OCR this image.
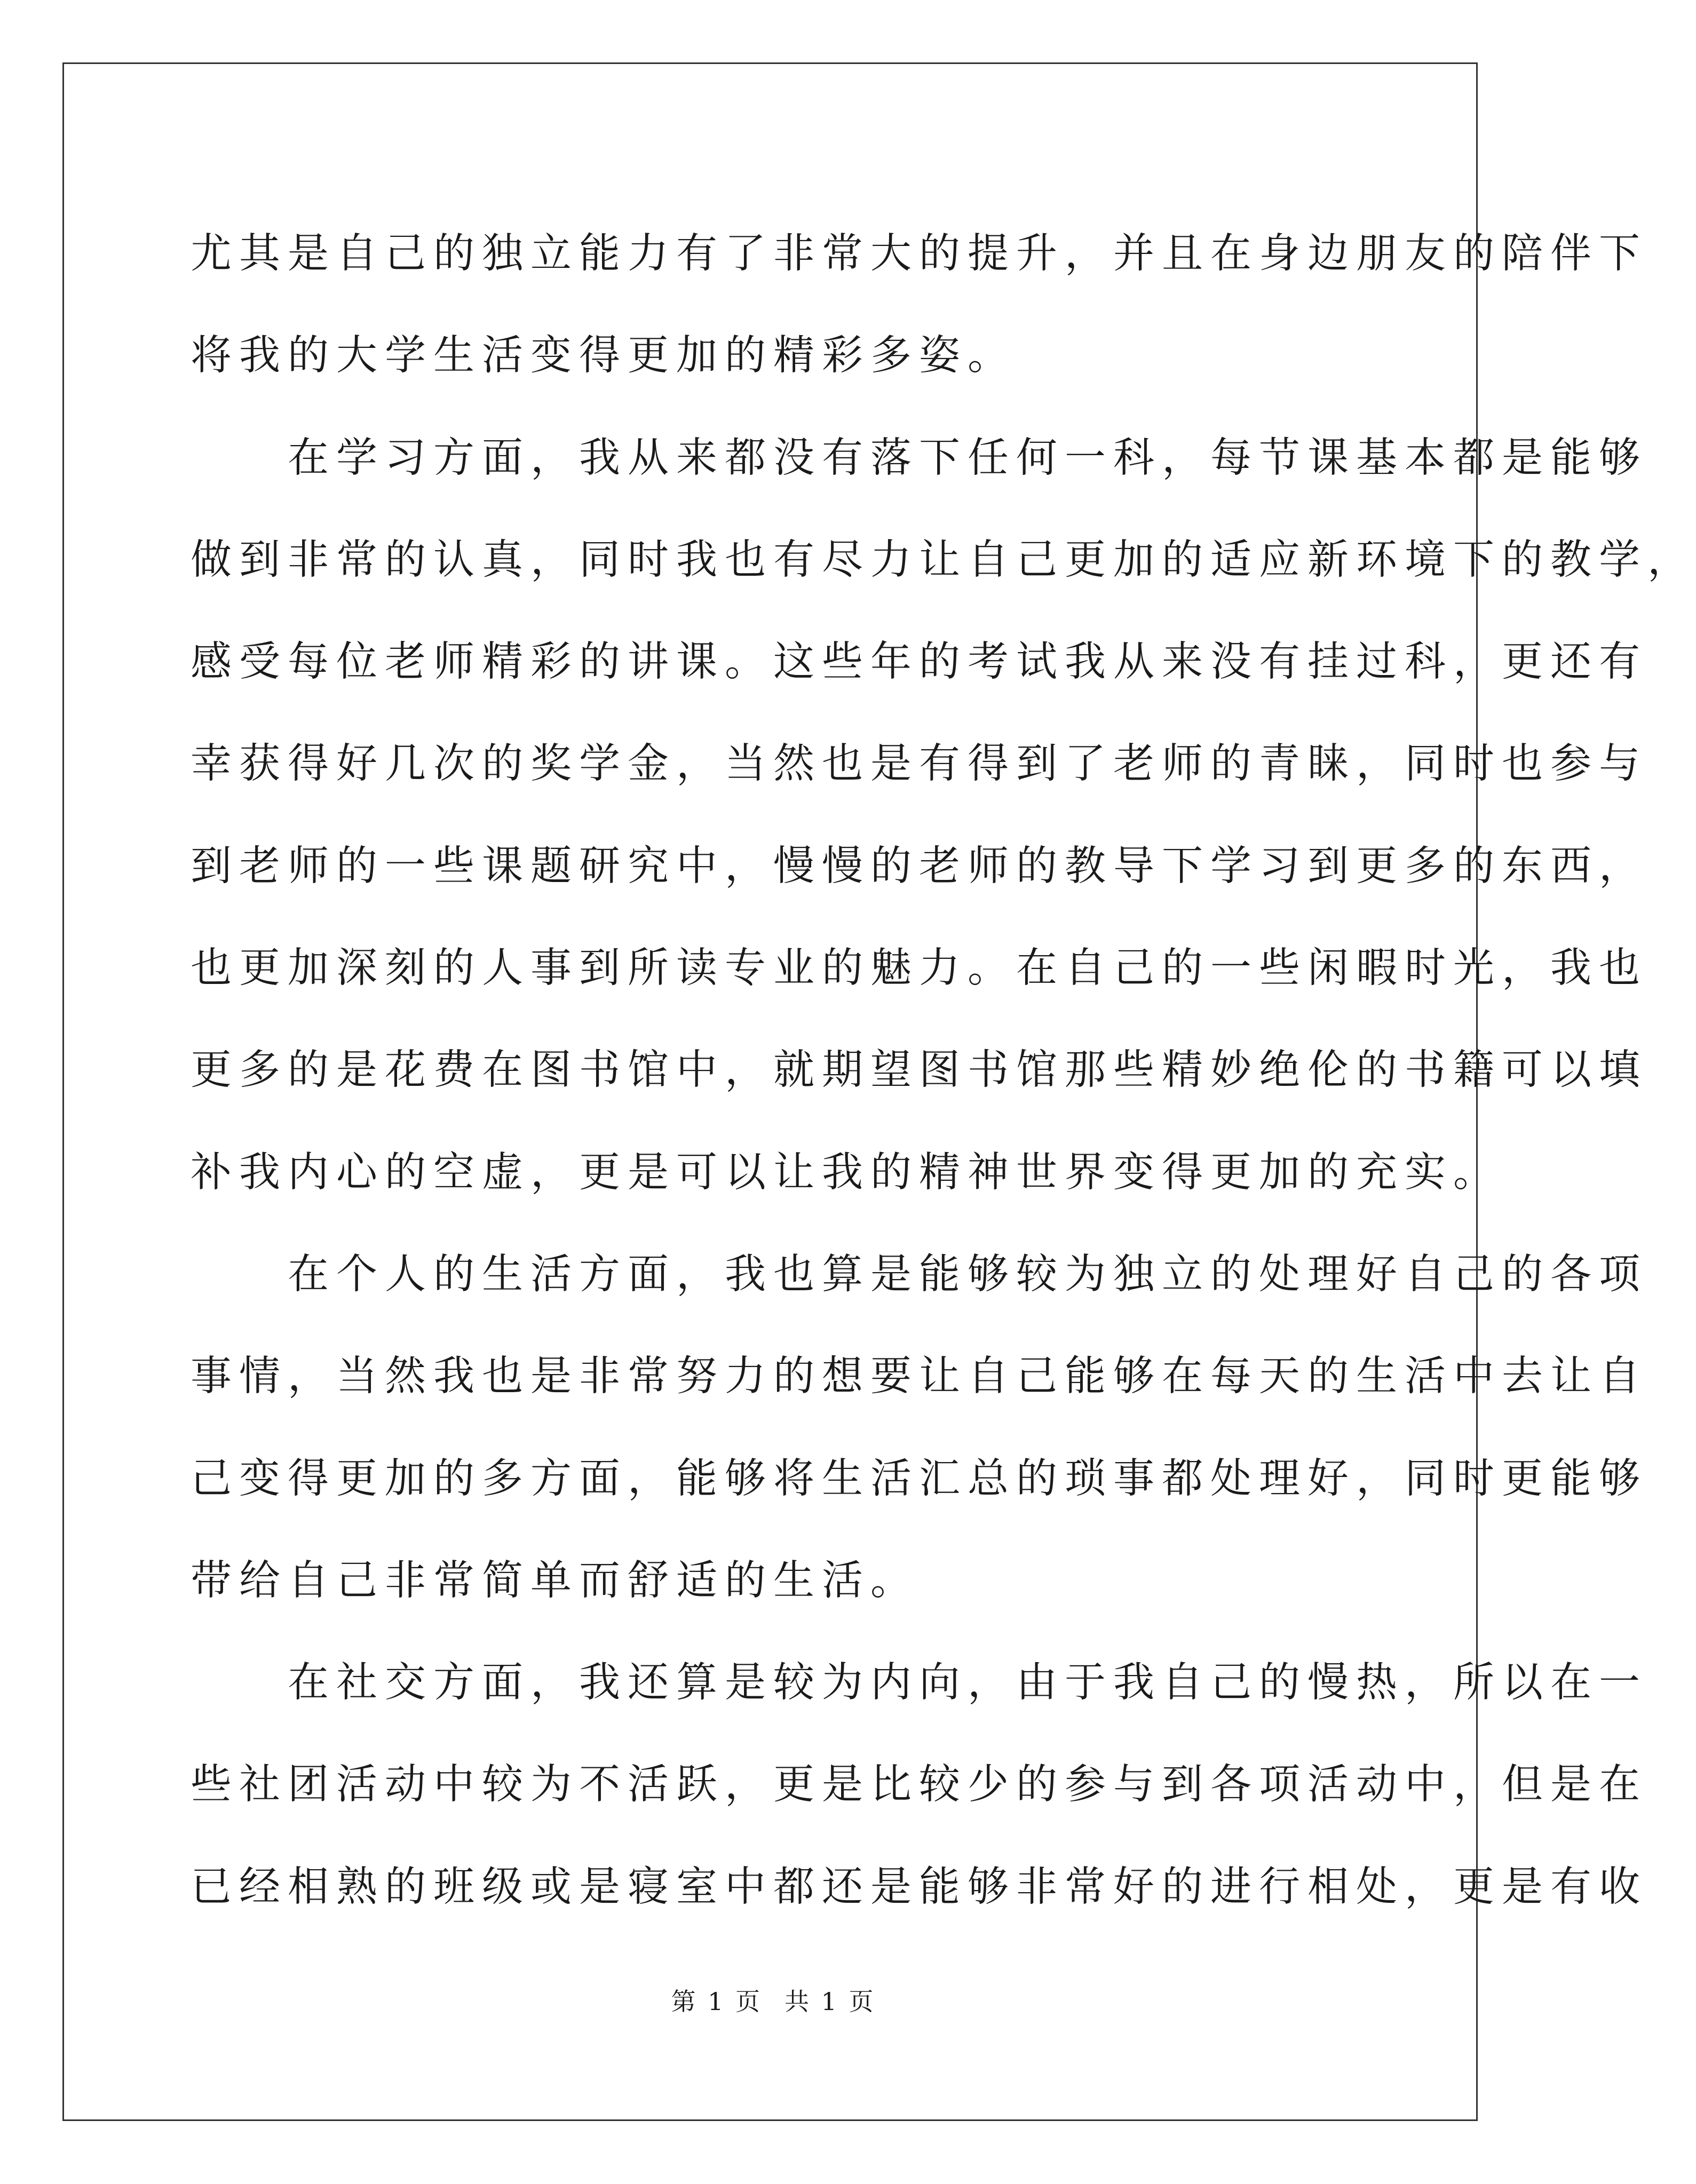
尤其是自己的独立能力有了非常大的提升，并且在身边朋友的陪伴下
将我的大学生活变得更加的精彩多姿。
　　在学习方面，我从来都没有落下任何一科，每节课基本都是能够
做到非常的认真，同时我也有尽力让自己更加的适应新环境下的教学，
感受每位老师精彩的讲课。这些年的考试我从来没有挂过科，更还有
幸获得好几次的奖学金，当然也是有得到了老师的青睐，同时也参与
到老师的一些课题研究中，慢慢的老师的教导下学习到更多的东西，
也更加深刻的人事到所读专业的魅力。在自己的一些闲暇时光，我也
更多的是花费在图书馆中，就期望图书馆那些精妙绝伦的书籍可以填
补我内心的空虚，更是可以让我的精神世界变得更加的充实。
　　在个人的生活方面，我也算是能够较为独立的处理好自己的各项
事情，当然我也是非常努力的想要让自己能够在每天的生活中去让自
己变得更加的多方面，能够将生活汇总的琐事都处理好，同时更能够
带给自己非常简单而舒适的生活。
　　在社交方面，我还算是较为内向，由于我自己的慢热，所以在一
些社团活动中较为不活跃，更是比较少的参与到各项活动中，但是在
已经相熟的班级或是寝室中都还是能够非常好的进行相处，更是有收
第 1 页　共 1 页
